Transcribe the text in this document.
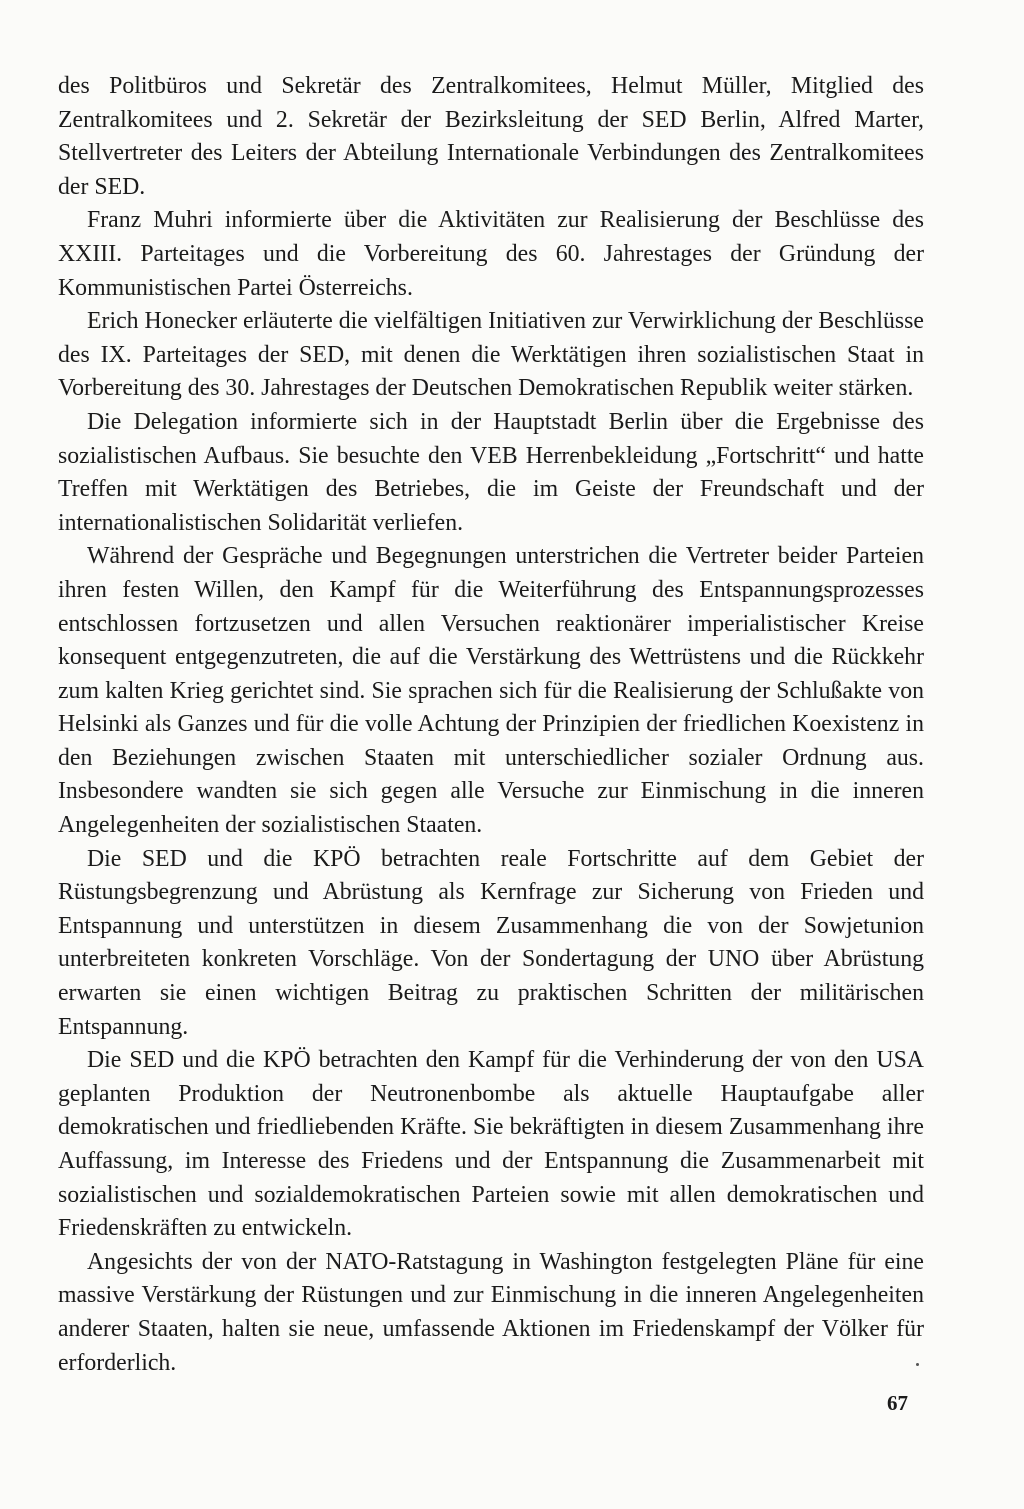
des Politbüros und Sekretär des Zentralkomitees, Helmut Müller, Mitglied des Zentralkomitees und 2. Sekretär der Bezirksleitung der SED Berlin, Alfred Marter, Stellvertreter des Leiters der Abteilung Internationale Verbindungen des Zentralkomitees der SED.

Franz Muhri informierte über die Aktivitäten zur Realisierung der Beschlüsse des XXIII. Parteitages und die Vorbereitung des 60. Jahrestages der Gründung der Kommunistischen Partei Österreichs.

Erich Honecker erläuterte die vielfältigen Initiativen zur Verwirklichung der Beschlüsse des IX. Parteitages der SED, mit denen die Werktätigen ihren sozialistischen Staat in Vorbereitung des 30. Jahrestages der Deutschen Demokratischen Republik weiter stärken.

Die Delegation informierte sich in der Hauptstadt Berlin über die Ergebnisse des sozialistischen Aufbaus. Sie besuchte den VEB Herrenbekleidung „Fortschritt“ und hatte Treffen mit Werktätigen des Betriebes, die im Geiste der Freundschaft und der internationalistischen Solidarität verliefen.

Während der Gespräche und Begegnungen unterstrichen die Vertreter beider Parteien ihren festen Willen, den Kampf für die Weiterführung des Entspannungsprozesses entschlossen fortzusetzen und allen Versuchen reaktionärer imperialistischer Kreise konsequent entgegenzutreten, die auf die Verstärkung des Wettrüstens und die Rückkehr zum kalten Krieg gerichtet sind. Sie sprachen sich für die Realisierung der Schlußakte von Helsinki als Ganzes und für die volle Achtung der Prinzipien der friedlichen Koexistenz in den Beziehungen zwischen Staaten mit unterschiedlicher sozialer Ordnung aus. Insbesondere wandten sie sich gegen alle Versuche zur Einmischung in die inneren Angelegenheiten der sozialistischen Staaten.

Die SED und die KPÖ betrachten reale Fortschritte auf dem Gebiet der Rüstungsbegrenzung und Abrüstung als Kernfrage zur Sicherung von Frieden und Entspannung und unterstützen in diesem Zusammenhang die von der Sowjetunion unterbreiteten konkreten Vorschläge. Von der Sondertagung der UNO über Abrüstung erwarten sie einen wichtigen Beitrag zu praktischen Schritten der militärischen Entspannung.

Die SED und die KPÖ betrachten den Kampf für die Verhinderung der von den USA geplanten Produktion der Neutronenbombe als aktuelle Hauptaufgabe aller demokratischen und friedliebenden Kräfte. Sie bekräftigten in diesem Zusammenhang ihre Auffassung, im Interesse des Friedens und der Entspannung die Zusammenarbeit mit sozialistischen und sozialdemokratischen Parteien sowie mit allen demokratischen und Friedenskräften zu entwickeln.

Angesichts der von der NATO-Ratstagung in Washington festgelegten Pläne für eine massive Verstärkung der Rüstungen und zur Einmischung in die inneren Angelegenheiten anderer Staaten, halten sie neue, umfassende Aktionen im Friedenskampf der Völker für erforderlich.

67
